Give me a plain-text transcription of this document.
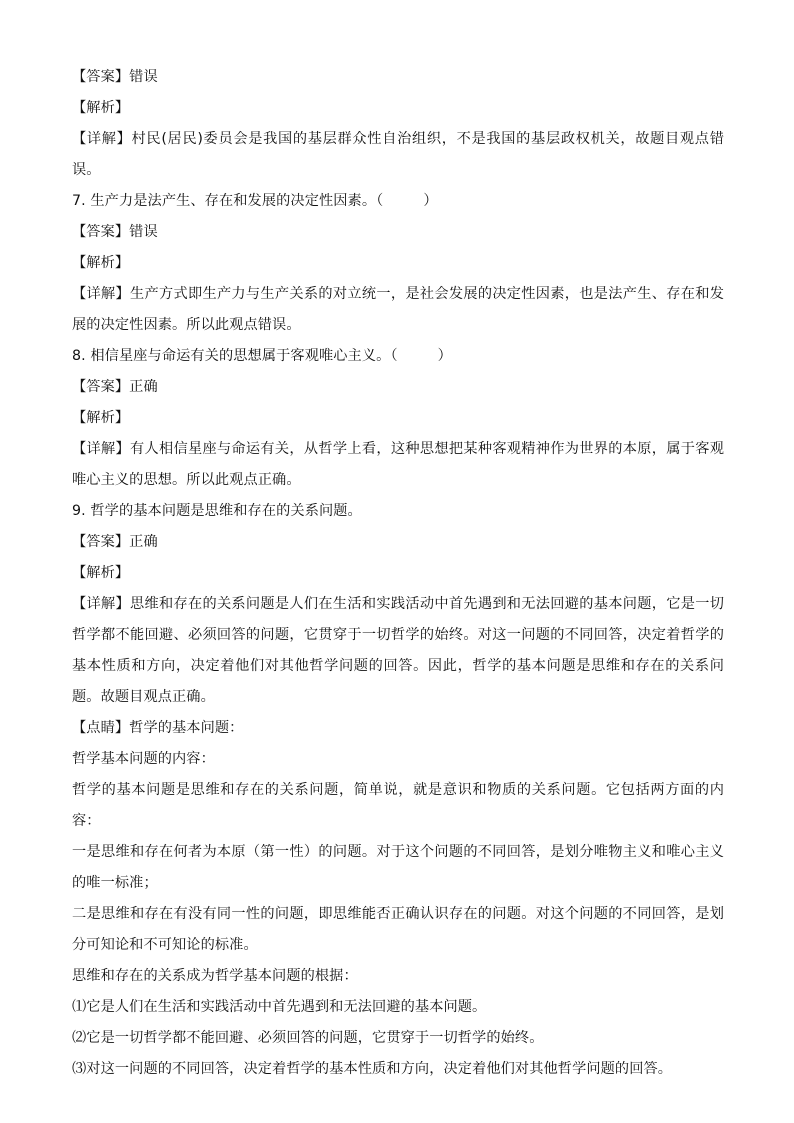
【答案】错误
【解析】
【详解】村民(居民)委员会是我国的基层群众性自治组织，不是我国的基层政权机关，故题目观点错误。
7. 生产力是法产生、存在和发展的决定性因素。（	）
【答案】错误
【解析】
【详解】生产方式即生产力与生产关系的对立统一，是社会发展的决定性因素，也是法产生、存在和发展的决定性因素。所以此观点错误。
8. 相信星座与命运有关的思想属于客观唯心主义。（	）
【答案】正确
【解析】
【详解】有人相信星座与命运有关，从哲学上看，这种思想把某种客观精神作为世界的本原，属于客观唯心主义的思想。所以此观点正确。
9. 哲学的基本问题是思维和存在的关系问题。
【答案】正确
【解析】
【详解】思维和存在的关系问题是人们在生活和实践活动中首先遇到和无法回避的基本问题，它是一切哲学都不能回避、必须回答的问题，它贯穿于一切哲学的始终。对这一问题的不同回答，决定着哲学的基本性质和方向，决定着他们对其他哲学问题的回答。因此，哲学的基本问题是思维和存在的关系问题。故题目观点正确。
【点睛】哲学的基本问题：
哲学基本问题的内容：
哲学的基本问题是思维和存在的关系问题，简单说，就是意识和物质的关系问题。它包括两方面的内容：
一是思维和存在何者为本原（第一性）的问题。对于这个问题的不同回答，是划分唯物主义和唯心主义的唯一标准；
二是思维和存在有没有同一性的问题，即思维能否正确认识存在的问题。对这个问题的不同回答，是划分可知论和不可知论的标准。
思维和存在的关系成为哲学基本问题的根据：
⑴它是人们在生活和实践活动中首先遇到和无法回避的基本问题。
⑵它是一切哲学都不能回避、必须回答的问题，它贯穿于一切哲学的始终。
⑶对这一问题的不同回答，决定着哲学的基本性质和方向，决定着他们对其他哲学问题的回答。
